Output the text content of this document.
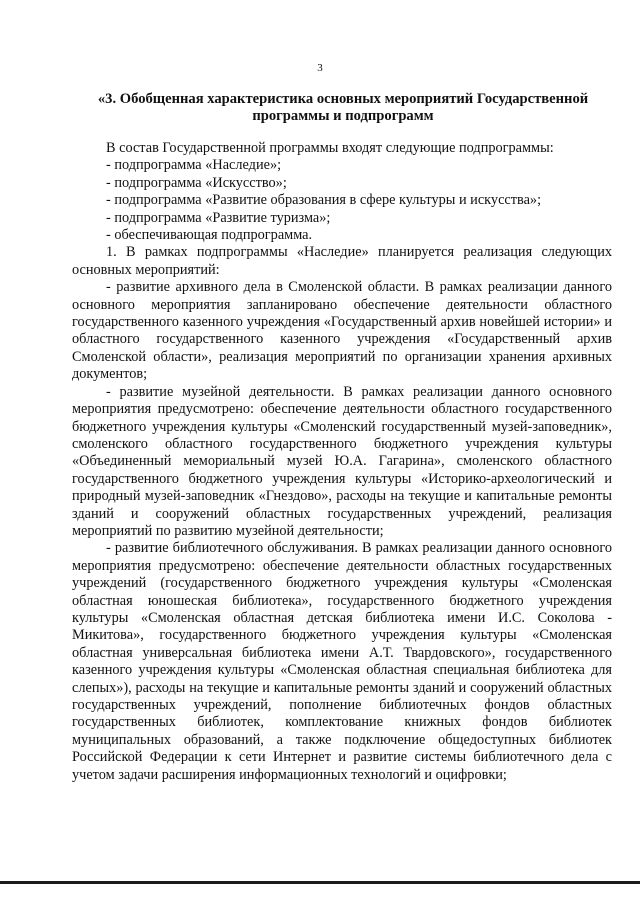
3
«3. Обобщенная характеристика основных мероприятий Государственной программы и подпрограмм

В состав Государственной программы входят следующие подпрограммы:

- подпрограмма «Наследие»;

- подпрограмма «Искусство»;

- подпрограмма «Развитие образования в сфере культуры и искусства»;

- подпрограмма «Развитие туризма»;

- обеспечивающая подпрограмма.

1. В рамках подпрограммы «Наследие» планируется реализация следующих основных мероприятий:

- развитие архивного дела в Смоленской области. В рамках реализации данного основного мероприятия запланировано обеспечение деятельности областного государственного казенного учреждения «Государственный архив новейшей истории» и областного государственного казенного учреждения «Государственный архив Смоленской области», реализация мероприятий по организации хранения архивных документов;

- развитие музейной деятельности. В рамках реализации данного основного мероприятия предусмотрено: обеспечение деятельности областного государственного бюджетного учреждения культуры «Смоленский государственный музей-заповедник», смоленского областного государственного бюджетного учреждения культуры «Объединенный мемориальный музей Ю.А. Гагарина», смоленского областного государственного бюджетного учреждения культуры «Историко-археологический и природный музей-заповедник «Гнездово», расходы на текущие и капитальные ремонты зданий и сооружений областных государственных учреждений, реализация мероприятий по развитию музейной деятельности;

- развитие библиотечного обслуживания. В рамках реализации данного основного мероприятия предусмотрено: обеспечение деятельности областных государственных учреждений (государственного бюджетного учреждения культуры «Смоленская областная юношеская библиотека», государственного бюджетного учреждения культуры «Смоленская областная детская библиотека имени И.С. Соколова - Микитова», государственного бюджетного учреждения культуры «Смоленская областная универсальная библиотека имени А.Т. Твардовского», государственного казенного учреждения культуры «Смоленская областная специальная библиотека для слепых»), расходы на текущие и капитальные ремонты зданий и сооружений областных государственных учреждений, пополнение библиотечных фондов областных государственных библиотек, комплектование книжных фондов библиотек муниципальных образований, а также подключение общедоступных библиотек Российской Федерации к сети Интернет и развитие системы библиотечного дела с учетом задачи расширения информационных технологий и оцифровки;
